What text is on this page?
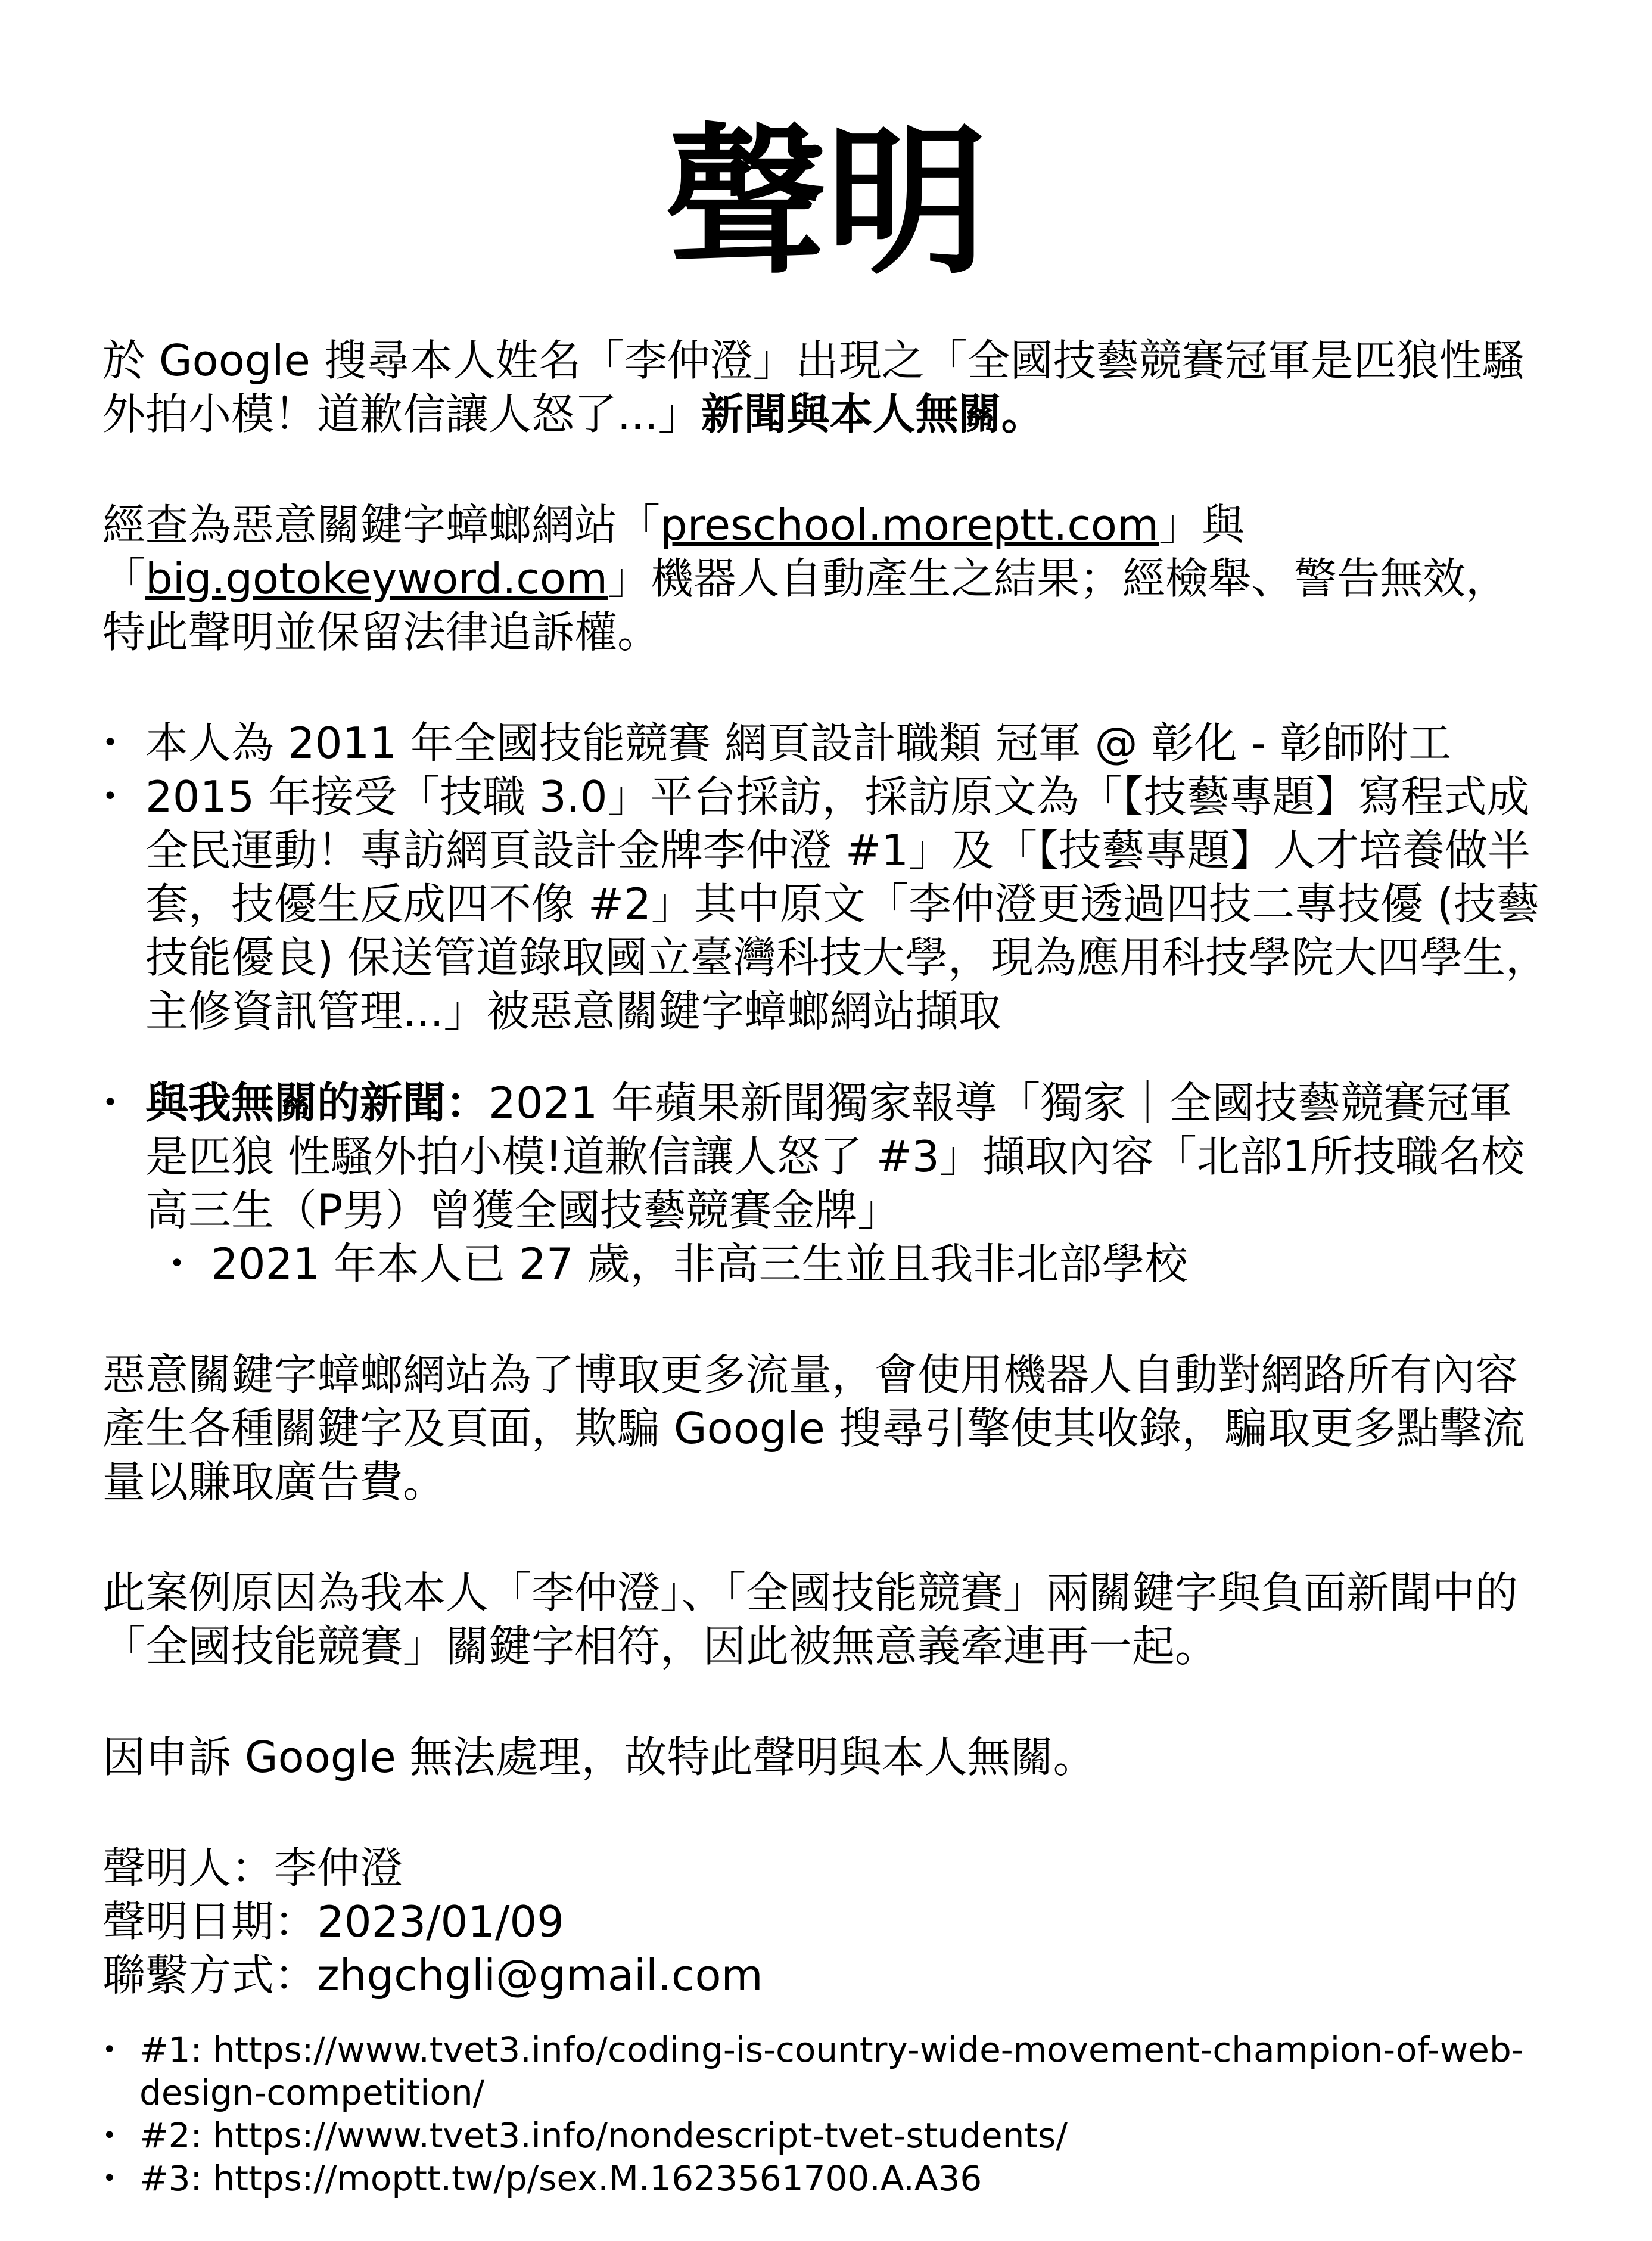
聲明

於 Google 搜尋本人姓名「李仲澄」出現之「全國技藝競賽冠軍是匹狼性騷外拍小模！道歉信讓人怒了...」新聞與本人無關。

經查為惡意關鍵字蟑螂網站「preschool.moreptt.com」與「big.gotokeyword.com」機器人自動產生之結果；經檢舉、警告無效，特此聲明並保留法律追訴權。

• 本人為 2011 年全國技能競賽 網頁設計職類 冠軍 @ 彰化 - 彰師附工
• 2015 年接受「技職 3.0」平台採訪，採訪原文為「【技藝專題】寫程式成全民運動！專訪網頁設計金牌李仲澄 #1」及「【技藝專題】人才培養做半套，技優生反成四不像 #2」其中原文「李仲澄更透過四技二專技優 (技藝技能優良) 保送管道錄取國立臺灣科技大學，現為應用科技學院大四學生，主修資訊管理...」被惡意關鍵字蟑螂網站擷取
• 與我無關的新聞：2021 年蘋果新聞獨家報導「獨家｜全國技藝競賽冠軍是匹狼 性騷外拍小模!道歉信讓人怒了 #3」擷取內容「北部1所技職名校高三生（P男）曾獲全國技藝競賽金牌」
• 2021 年本人已 27 歲，非高三生並且我非北部學校

惡意關鍵字蟑螂網站為了博取更多流量，會使用機器人自動對網路所有內容產生各種關鍵字及頁面，欺騙 Google 搜尋引擎使其收錄，騙取更多點擊流量以賺取廣告費。

此案例原因為我本人「李仲澄」、「全國技能競賽」兩關鍵字與負面新聞中的「全國技能競賽」關鍵字相符，因此被無意義牽連再一起。

因申訴 Google 無法處理，故特此聲明與本人無關。

聲明人：李仲澄

聲明日期：2023/01/09

聯繫方式：zhgchgli@gmail.com

• #1: https://www.tvet3.info/coding-is-country-wide-movement-champion-of-web-design-competition/
• #2: https://www.tvet3.info/nondescript-tvet-students/
• #3: https://moptt.tw/p/sex.M.1623561700.A.A36
